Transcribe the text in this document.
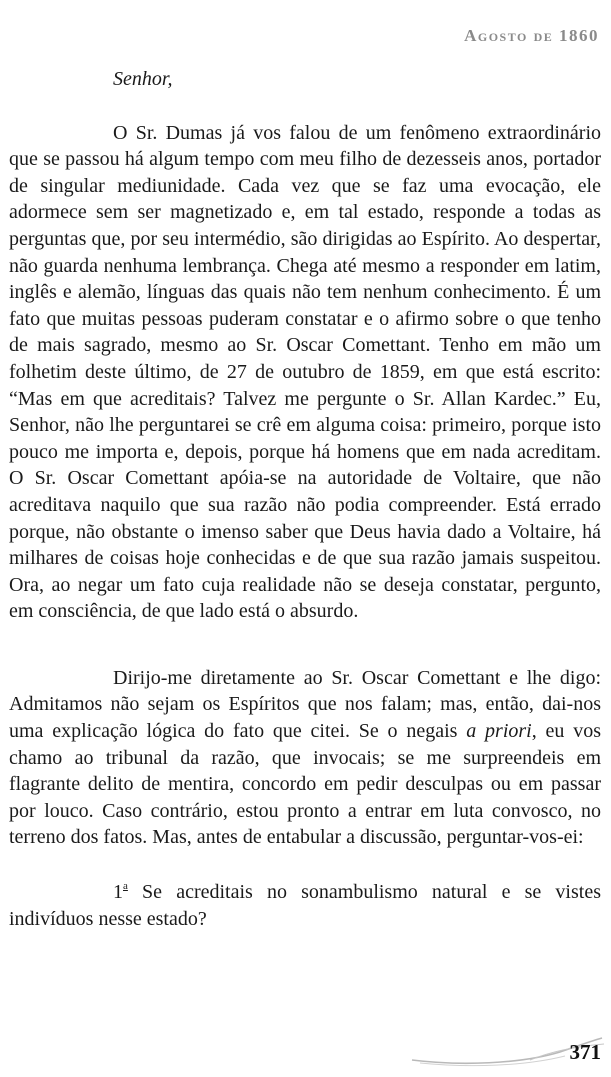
Agosto de 1860

Senhor,

O Sr. Dumas já vos falou de um fenômeno extraordinário que se passou há algum tempo com meu filho de dezesseis anos, portador de singular mediunidade. Cada vez que se faz uma evocação, ele adormece sem ser magnetizado e, em tal estado, responde a todas as perguntas que, por seu intermédio, são dirigidas ao Espírito. Ao despertar, não guarda nenhuma lembrança. Chega até mesmo a responder em latim, inglês e alemão, línguas das quais não tem nenhum conhecimento. É um fato que muitas pessoas puderam constatar e o afirmo sobre o que tenho de mais sagrado, mesmo ao Sr. Oscar Comettant. Tenho em mão um folhetim deste último, de 27 de outubro de 1859, em que está escrito: “Mas em que acreditais? Talvez me pergunte o Sr. Allan Kardec.” Eu, Senhor, não lhe perguntarei se crê em alguma coisa: primeiro, porque isto pouco me importa e, depois, porque há homens que em nada acreditam. O Sr. Oscar Comettant apóia-se na autoridade de Voltaire, que não acreditava naquilo que sua razão não podia compreender. Está errado porque, não obstante o imenso saber que Deus havia dado a Voltaire, há milhares de coisas hoje conhecidas e de que sua razão jamais suspeitou. Ora, ao negar um fato cuja realidade não se deseja constatar, pergunto, em consciência, de que lado está o absurdo.

Dirijo-me diretamente ao Sr. Oscar Comettant e lhe digo: Admitamos não sejam os Espíritos que nos falam; mas, então, dai-nos uma explicação lógica do fato que citei. Se o negais a priori, eu vos chamo ao tribunal da razão, que invocais; se me surpreendeis em flagrante delito de mentira, concordo em pedir desculpas ou em passar por louco. Caso contrário, estou pronto a entrar em luta convosco, no terreno dos fatos. Mas, antes de entabular a discussão, perguntar-vos-ei:

1$^a$ Se acreditais no sonambulismo natural e se vistes indivíduos nesse estado?

371
